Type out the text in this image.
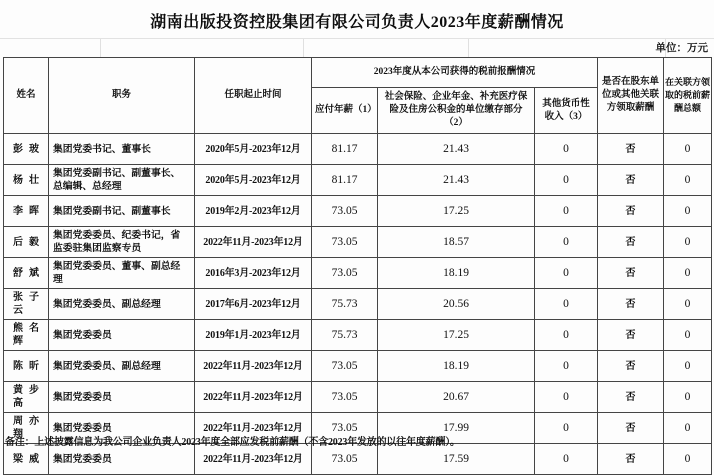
湖南出版投资控股集团有限公司负责人2023年度薪酬情况
单位：万元
姓名	职务	任职起止时间	2023年度从本公司获得的税前报酬情况			是否在股东单位或其他关联方领取薪酬	在关联方领取的税前薪酬总额
			应付年薪（1）	社会保险、企业年金、补充医疗保险及住房公积金的单位缴存部分（2）	其他货币性收入（3）		
彭玻	集团党委书记、董事长	2020年5月-2023年12月	81.17	21.43	0	否	0
杨壮	集团党委副书记、副董事长、总编辑、总经理	2020年5月-2023年12月	81.17	21.43	0	否	0
李晖	集团党委副书记、副董事长	2019年2月-2023年12月	73.05	17.25	0	否	0
后毅	集团党委委员、纪委书记，省监委驻集团监察专员	2022年11月-2023年12月	73.05	18.57	0	否	0
舒斌	集团党委委员、董事、副总经理	2016年3月-2023年12月	73.05	18.19	0	否	0
张子云	集团党委委员、副总经理	2017年6月-2023年12月	75.73	20.56	0	否	0
熊名辉	集团党委委员	2019年1月-2023年12月	75.73	17.25	0	否	0
陈昕	集团党委委员、副总经理	2022年11月-2023年12月	73.05	18.19	0	否	0
黄步高	集团党委委员	2022年11月-2023年12月	73.05	20.67	0	否	0
周亦翔	集团党委委员	2022年11月-2023年12月	73.05	17.99	0	否	0
梁威	集团党委委员	2022年11月-2023年12月	73.05	17.59	0	否	0
备注：上述披露信息为我公司企业负责人2023年度全部应发税前薪酬（不含2023年发放的以往年度薪酬）。
